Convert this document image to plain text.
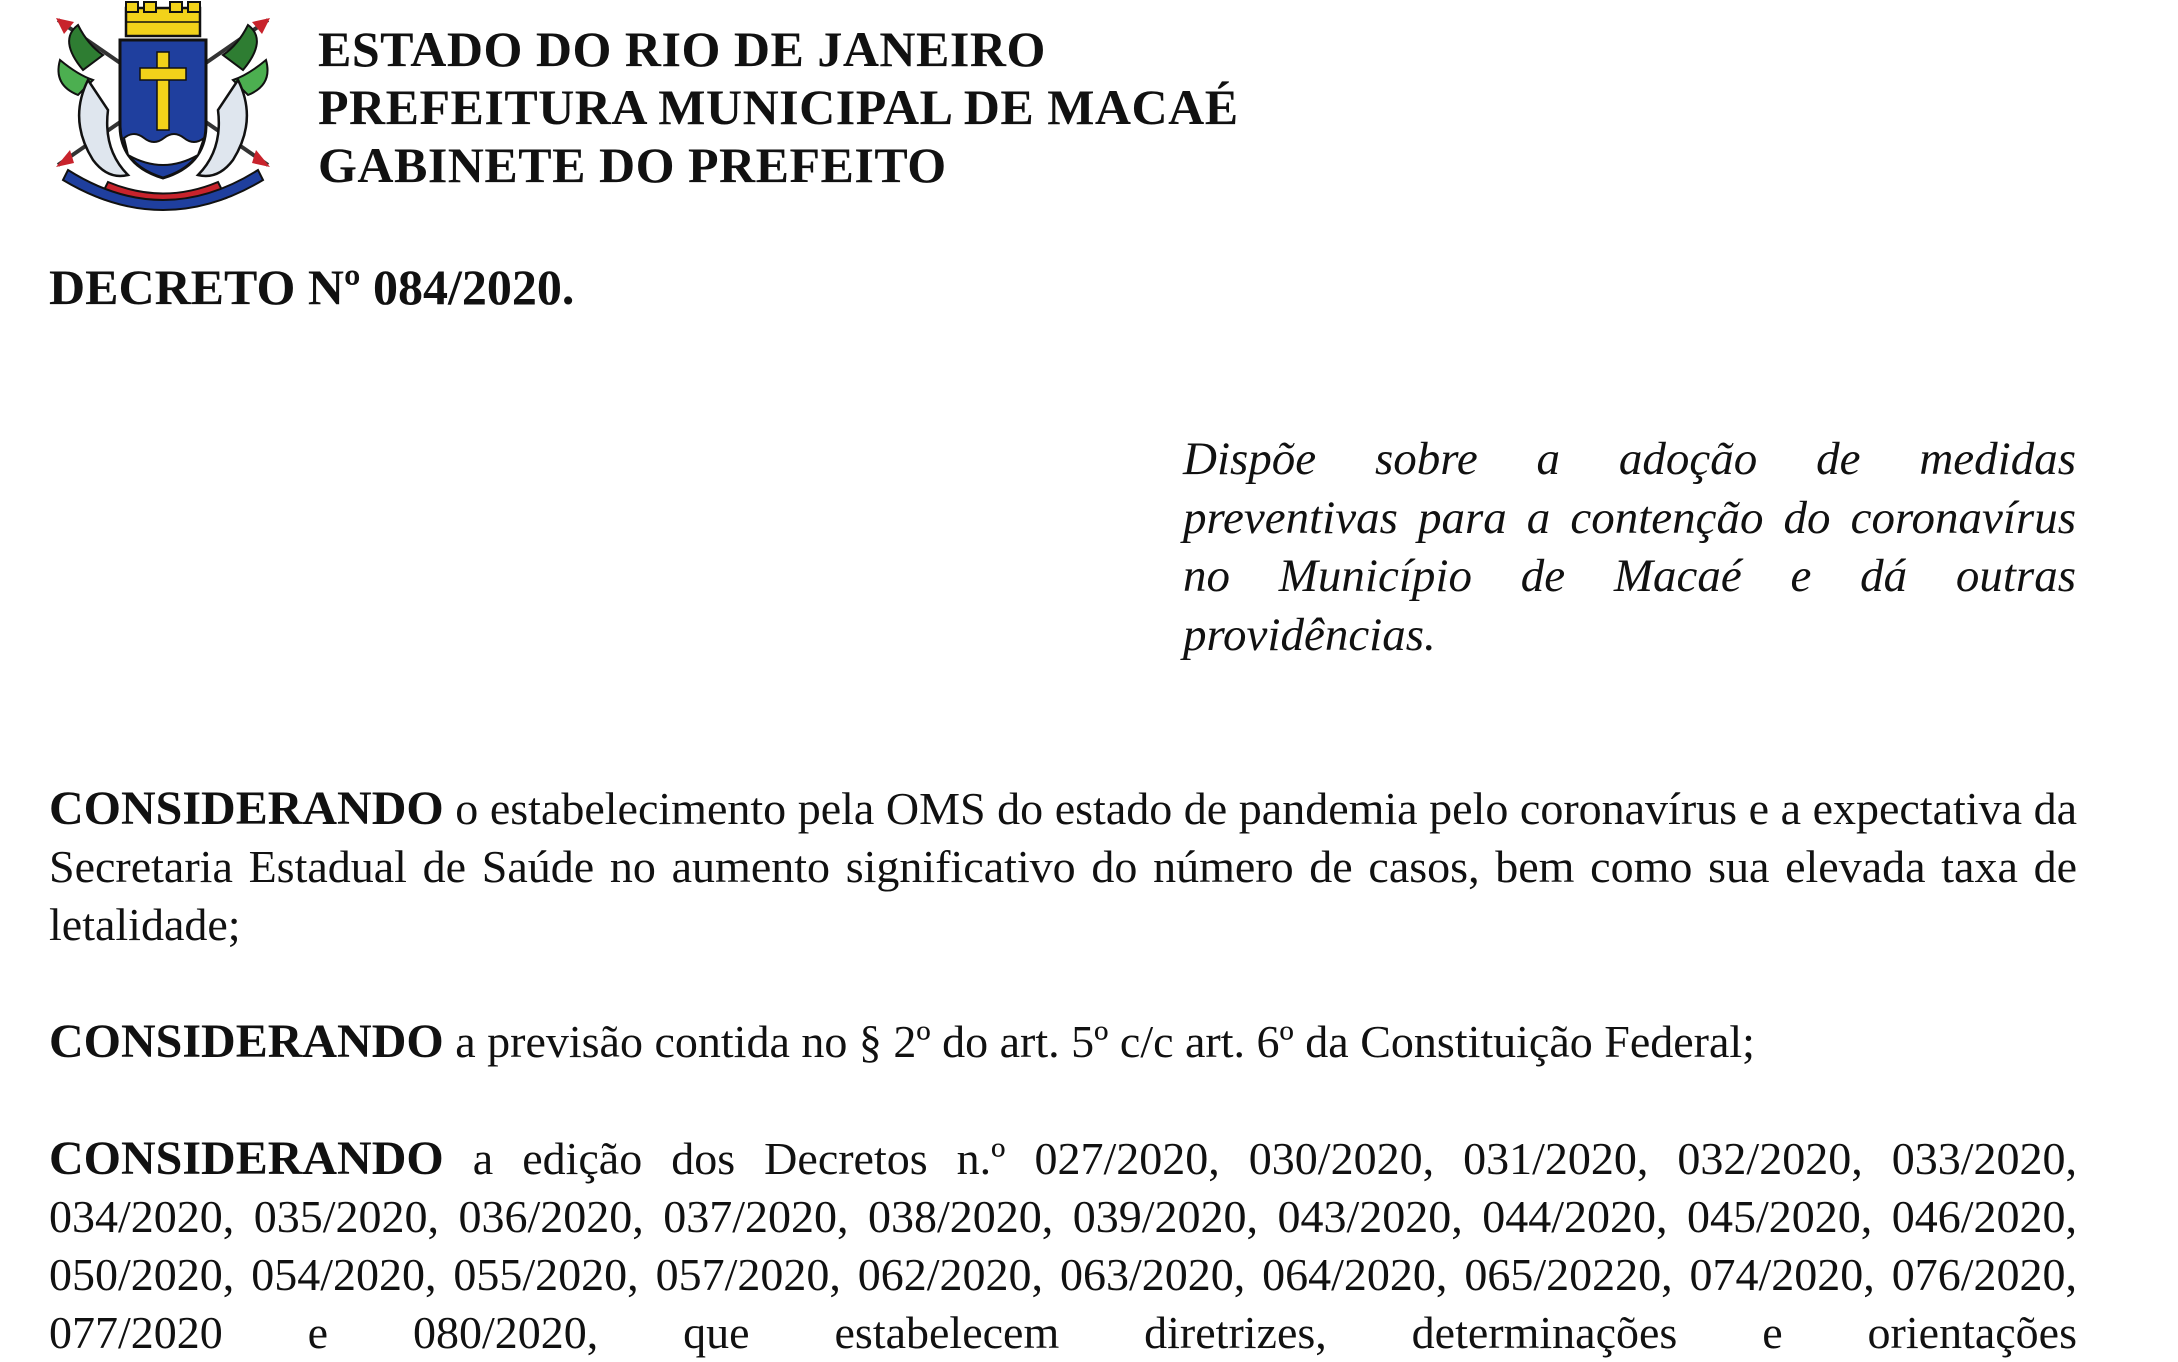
ESTADO DO RIO DE JANEIRO
PREFEITURA MUNICIPAL DE MACAÉ
GABINETE DO PREFEITO
DECRETO Nº 084/2020.
Dispõe sobre a adoção de medidas preventivas para a contenção do coronavírus no Município de Macaé e dá outras providências.
CONSIDERANDO o estabelecimento pela OMS do estado de pandemia pelo coronavírus e a expectativa da Secretaria Estadual de Saúde no aumento significativo do número de casos, bem como sua elevada taxa de letalidade;
CONSIDERANDO a previsão contida no § 2º do art. 5º c/c art. 6º da Constituição Federal;
CONSIDERANDO a edição dos Decretos n.º 027/2020, 030/2020, 031/2020, 032/2020, 033/2020, 034/2020, 035/2020, 036/2020, 037/2020, 038/2020, 039/2020, 043/2020, 044/2020, 045/2020, 046/2020, 050/2020, 054/2020, 055/2020, 057/2020, 062/2020, 063/2020, 064/2020, 065/20220, 074/2020, 076/2020, 077/2020 e 080/2020, que estabelecem diretrizes, determinações e orientações
